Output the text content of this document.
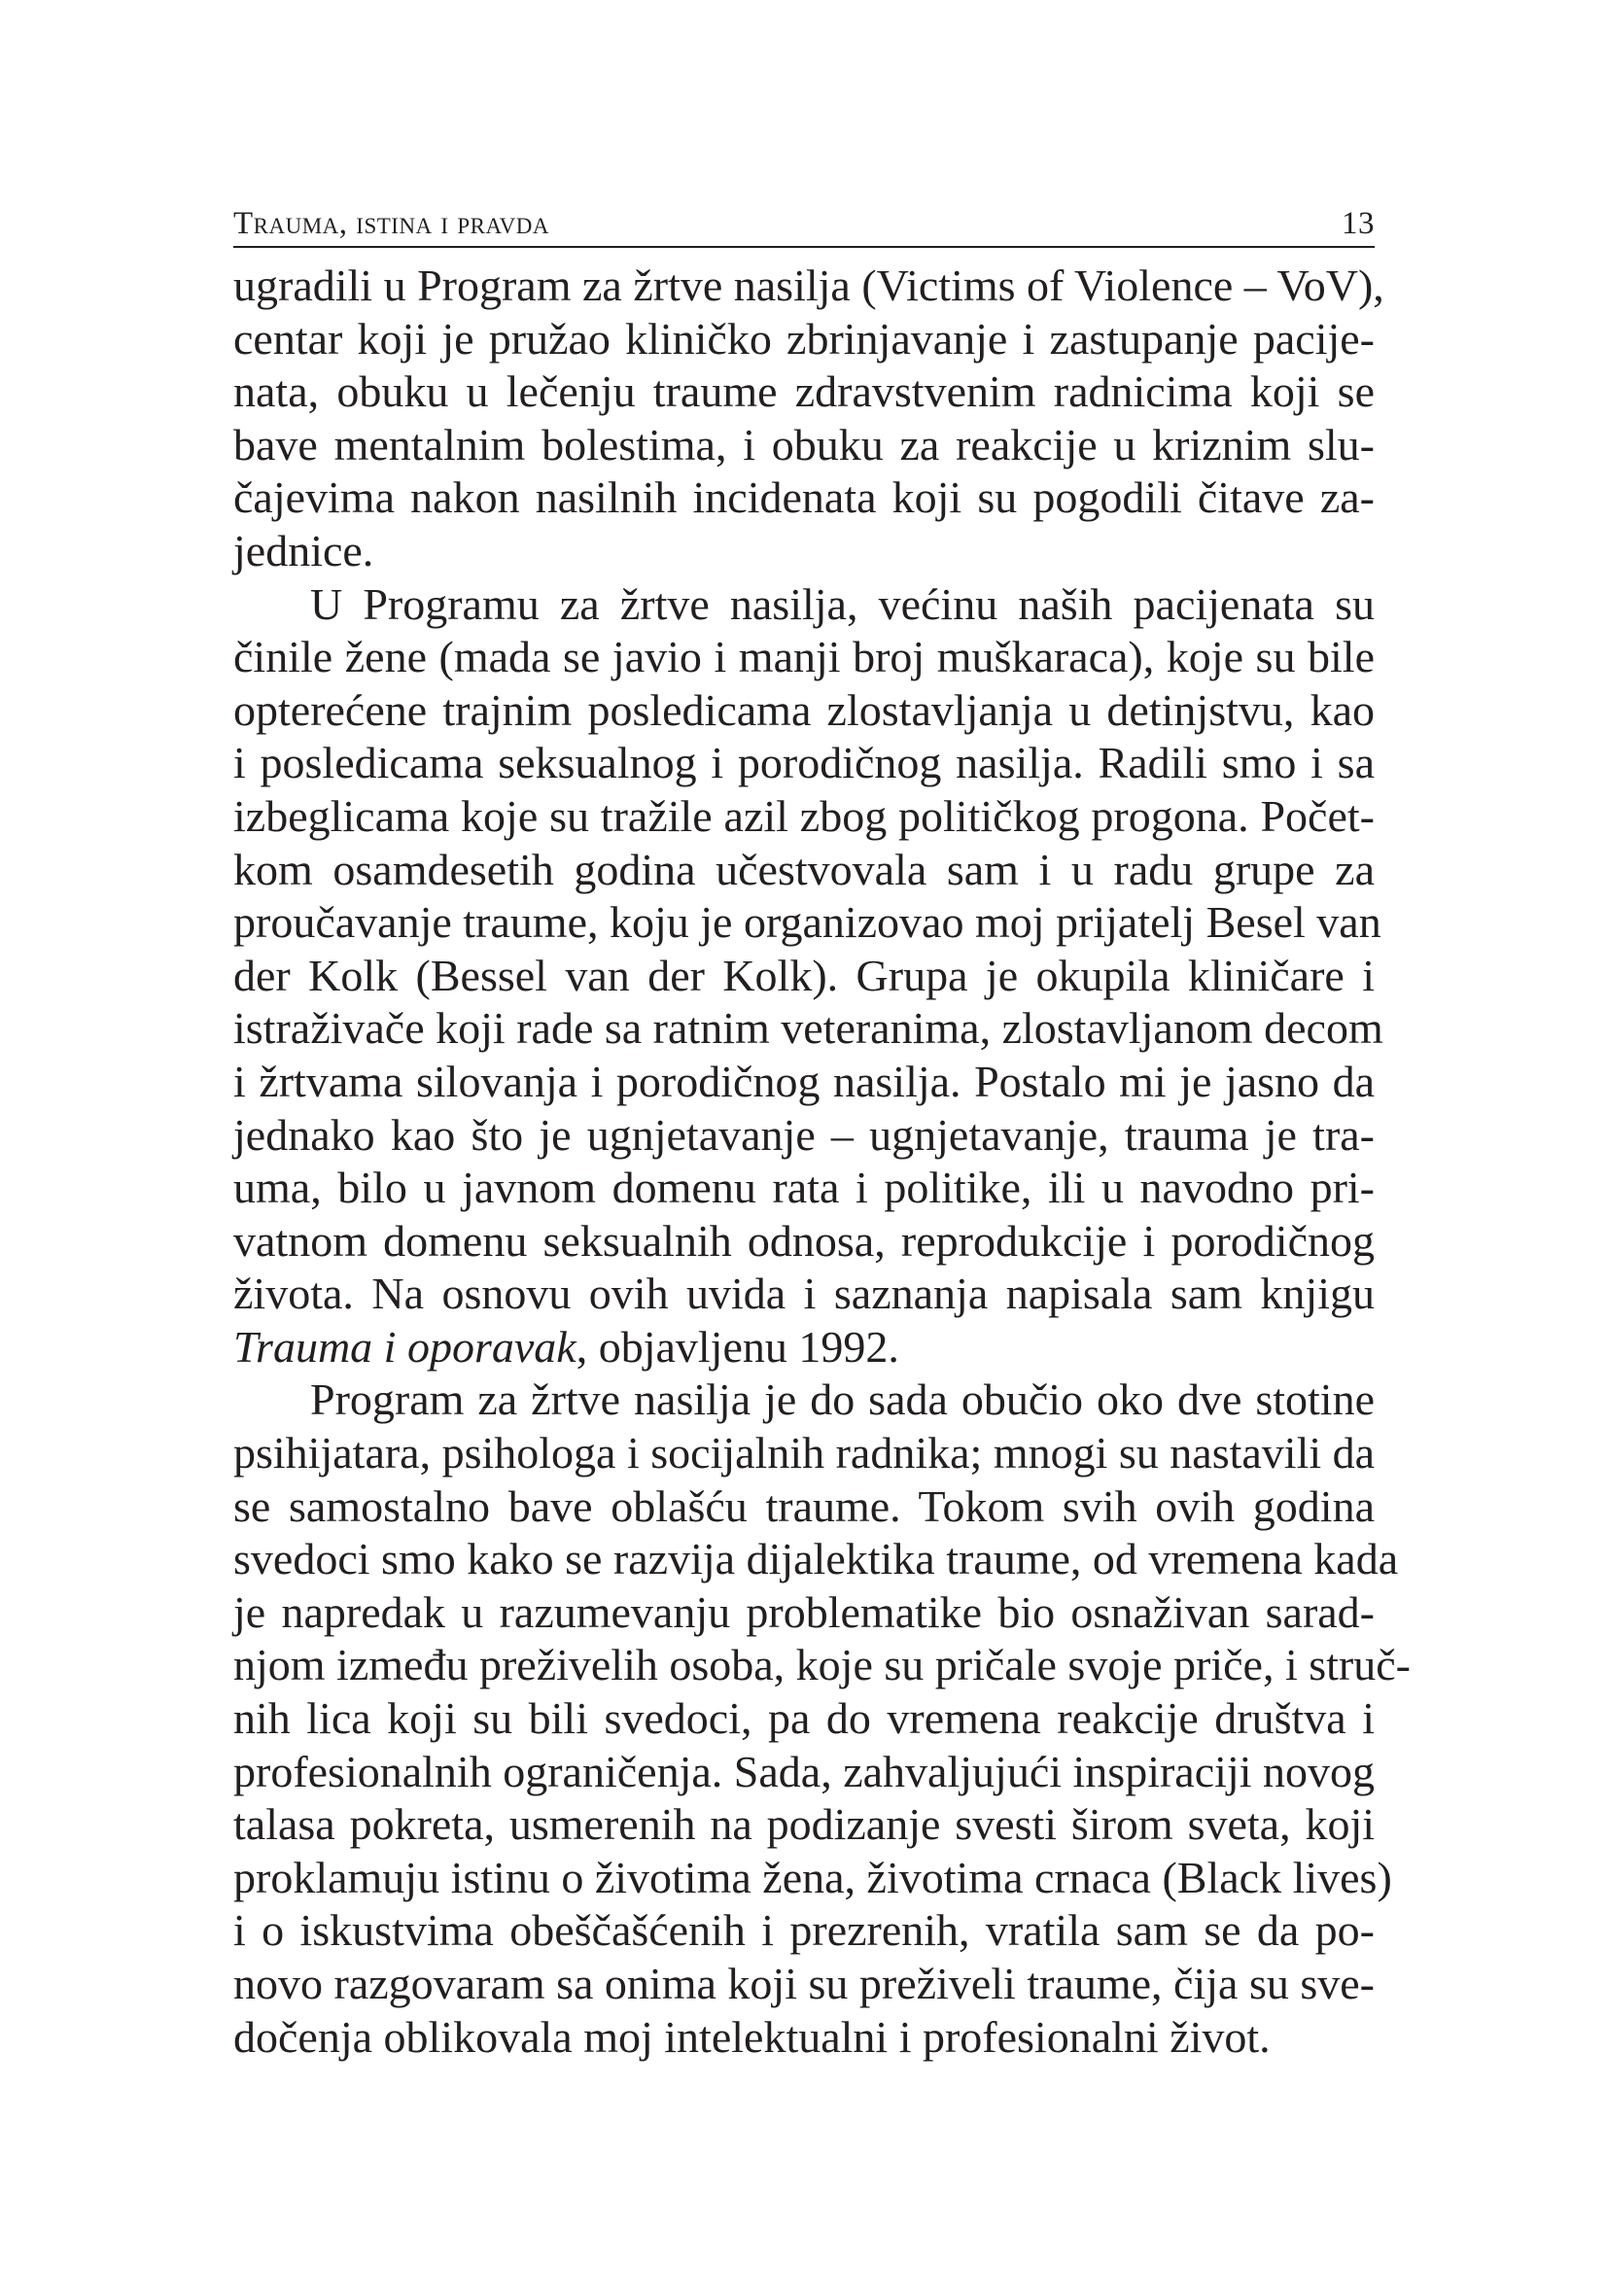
Trauma, istina i pravda	13
ugradili u Program za žrtve nasilja (Victims of Violence – VoV),
centar koji je pružao kliničko zbrinjavanje i zastupanje pacije-
nata, obuku u lečenju traume zdravstvenim radnicima koji se
bave mentalnim bolestima, i obuku za reakcije u kriznim slu-
čajevima nakon nasilnih incidenata koji su pogodili čitave za-
jednice.
U Programu za žrtve nasilja, većinu naših pacijenata su
činile žene (mada se javio i manji broj muškaraca), koje su bile
opterećene trajnim posledicama zlostavljanja u detinjstvu, kao
i posledicama seksualnog i porodičnog nasilja. Radili smo i sa
izbeglicama koje su tražile azil zbog političkog progona. Počet-
kom osamdesetih godina učestvovala sam i u radu grupe za
proučavanje traume, koju je organizovao moj prijatelj Besel van
der Kolk (Bessel van der Kolk). Grupa je okupila kliničare i
istraživače koji rade sa ratnim veteranima, zlostavljanom decom
i žrtvama silovanja i porodičnog nasilja. Postalo mi je jasno da
jednako kao što je ugnjetavanje – ugnjetavanje, trauma je tra-
uma, bilo u javnom domenu rata i politike, ili u navodno pri-
vatnom domenu seksualnih odnosa, reprodukcije i porodičnog
života. Na osnovu ovih uvida i saznanja napisala sam knjigu
Trauma i oporavak, objavljenu 1992.
Program za žrtve nasilja je do sada obučio oko dve stotine
psihijatara, psihologa i socijalnih radnika; mnogi su nastavili da
se samostalno bave oblašću traume. Tokom svih ovih godina
svedoci smo kako se razvija dijalektika traume, od vremena kada
je napredak u razumevanju problematike bio osnaživan sarad-
njom između preživelih osoba, koje su pričale svoje priče, i struč-
nih lica koji su bili svedoci, pa do vremena reakcije društva i
profesionalnih ograničenja. Sada, zahvaljujući inspiraciji novog
talasa pokreta, usmerenih na podizanje svesti širom sveta, koji
proklamuju istinu o životima žena, životima crnaca (Black lives)
i o iskustvima obeščašćenih i prezrenih, vratila sam se da po-
novo razgovaram sa onima koji su preživeli traume, čija su sve-
dočenja oblikovala moj intelektualni i profesionalni život.
